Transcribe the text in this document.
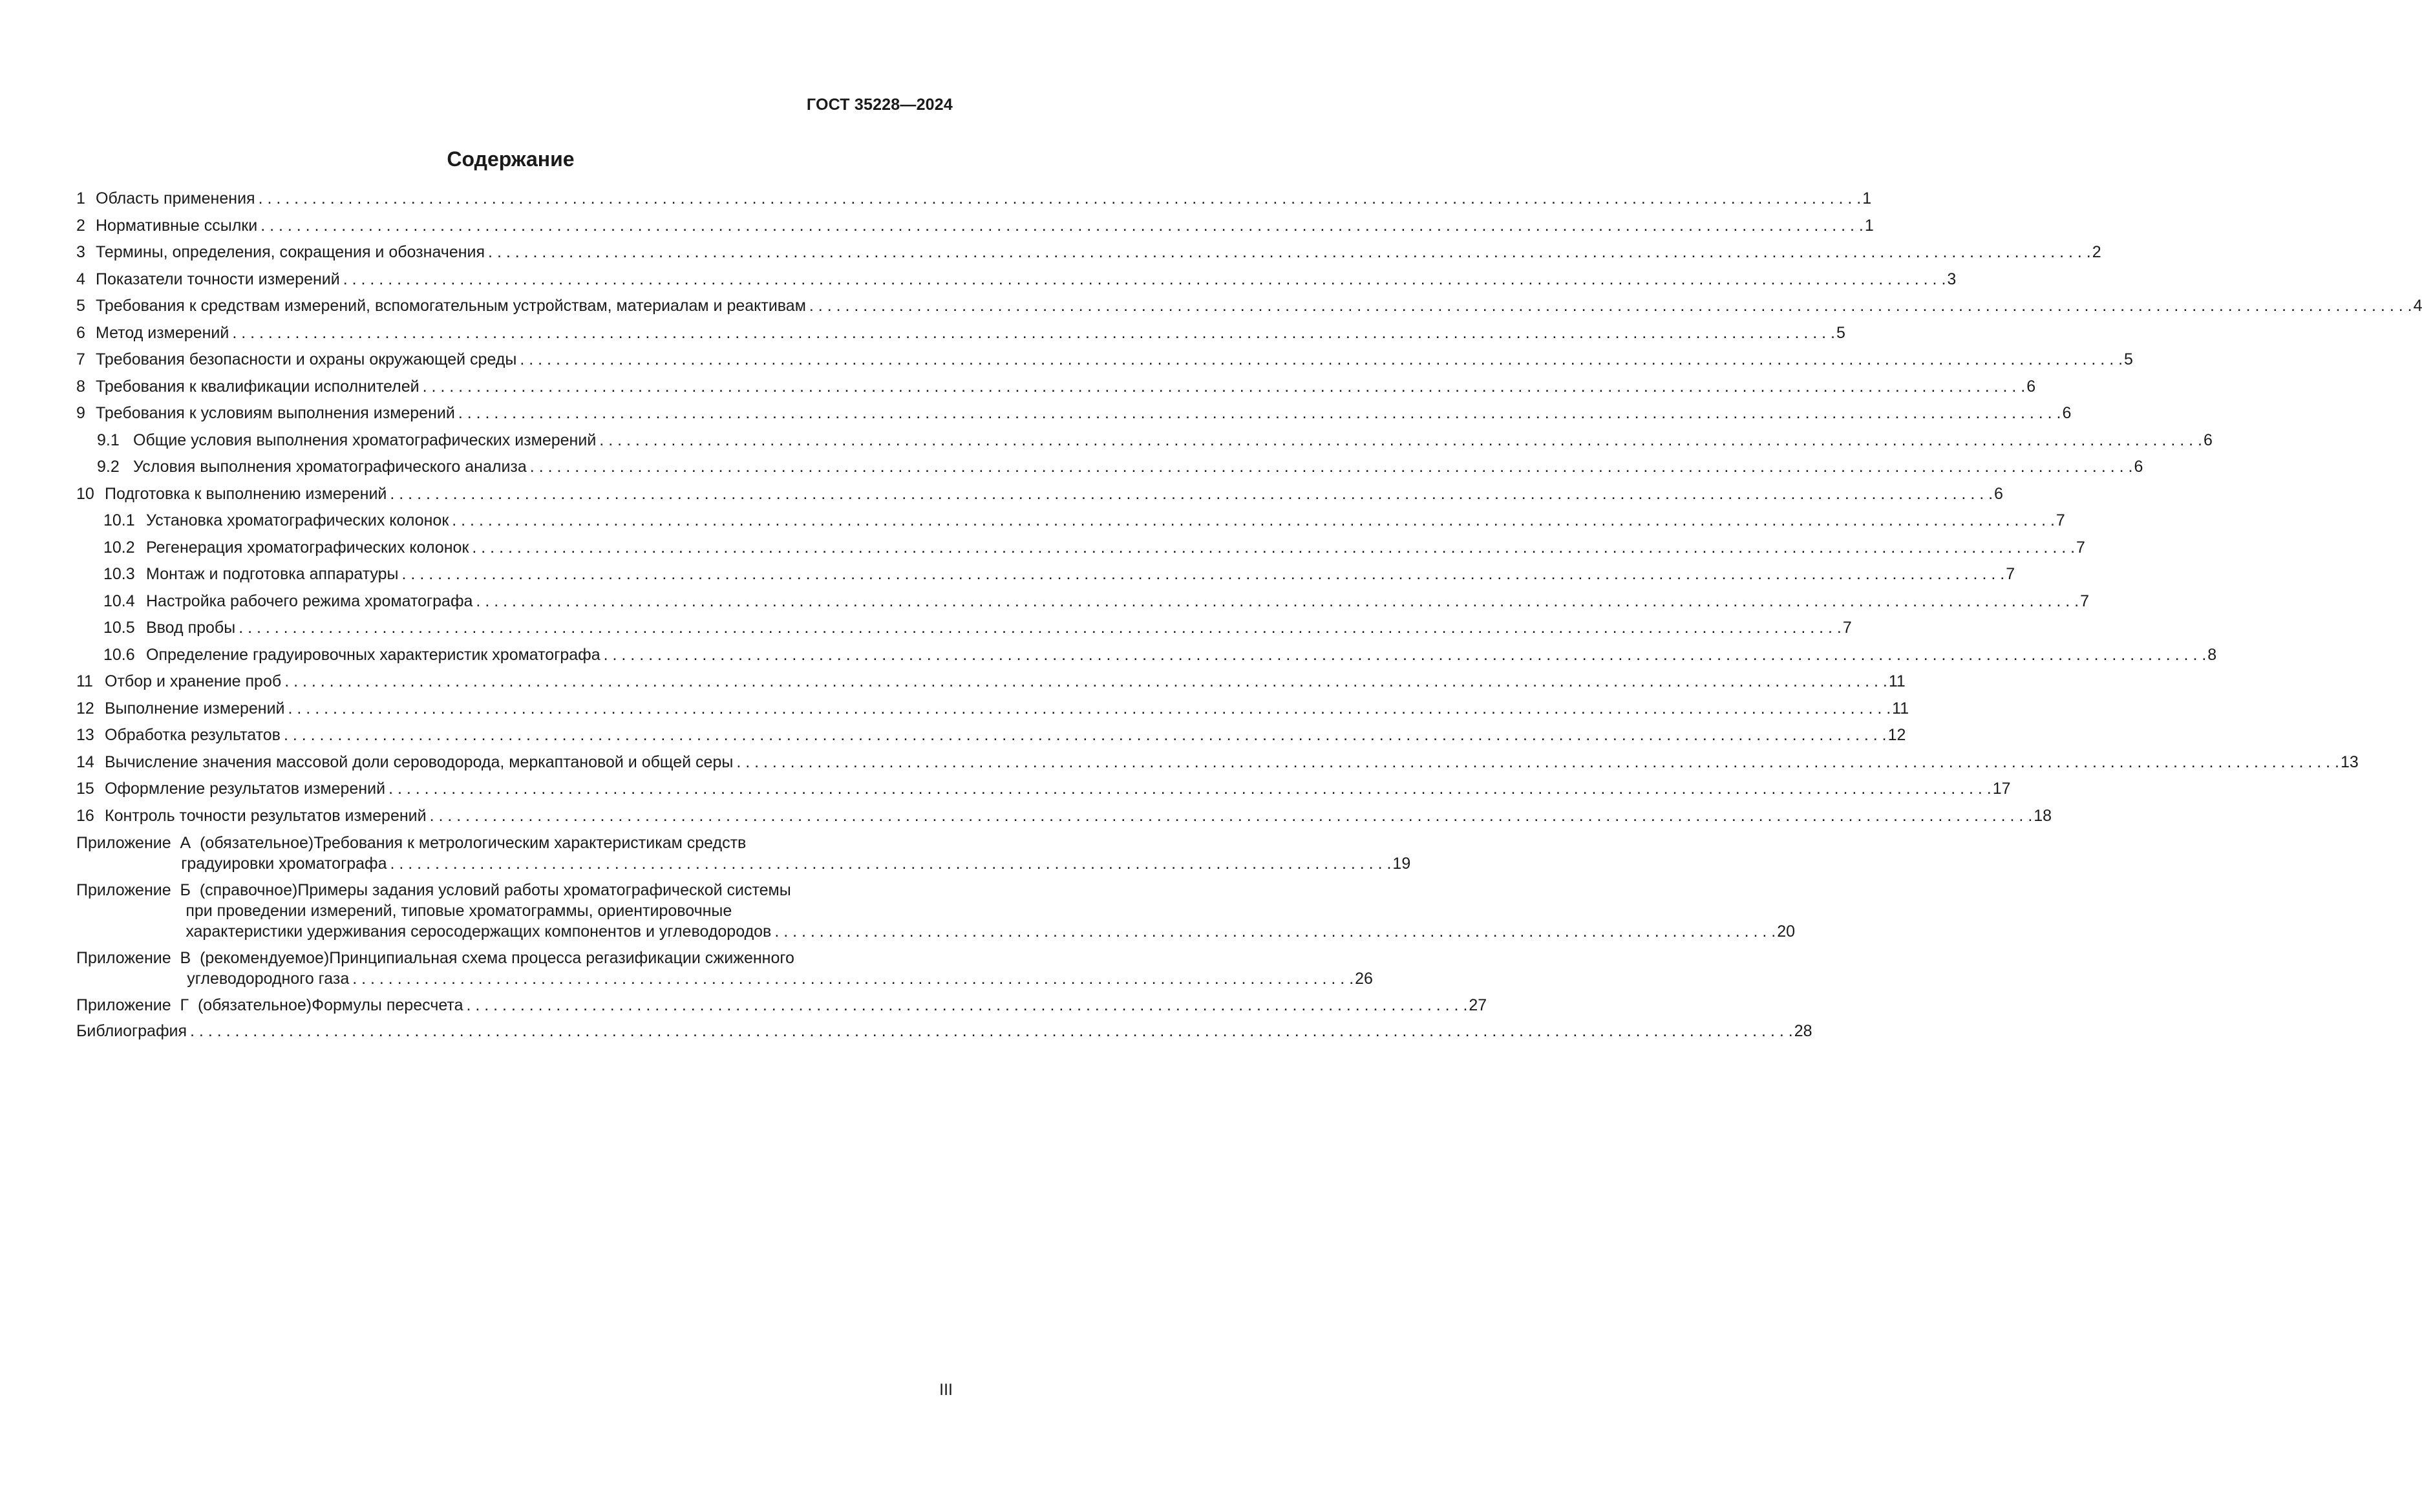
ГОСТ 35228—2024
Содержание
1 Область применения . . .	1
2 Нормативные ссылки . . .	1
3 Термины, определения, сокращения и обозначения . . .	2
4 Показатели точности измерений . . .	3
5 Требования к средствам измерений, вспомогательным устройствам, материалам и реактивам . . .	4
6 Метод измерений . . .	5
7 Требования безопасности и охраны окружающей среды . . .	5
8 Требования к квалификации исполнителей . . .	6
9 Требования к условиям выполнения измерений . . .	6
9.1 Общие условия выполнения хроматографических измерений . . .	6
9.2 Условия выполнения хроматографического анализа . . .	6
10 Подготовка к выполнению измерений . . .	6
10.1 Установка хроматографических колонок . . .	7
10.2 Регенерация хроматографических колонок . . .	7
10.3 Монтаж и подготовка аппаратуры . . .	7
10.4 Настройка рабочего режима хроматографа . . .	7
10.5 Ввод пробы . . .	7
10.6 Определение градуировочных характеристик хроматографа . . .	8
11 Отбор и хранение проб . . .	11
12 Выполнение измерений . . .	11
13 Обработка результатов . . .	12
14 Вычисление значения массовой доли сероводорода, меркаптановой и общей серы . . .	13
15 Оформление результатов измерений . . .	17
16 Контроль точности результатов измерений . . .	18
Приложение  А  (обязательное) Требования к метрологическим характеристикам средств
градуировки хроматографа . . .	19
Приложение  Б  (справочное) Примеры задания условий работы хроматографической системы
при проведении измерений, типовые хроматограммы, ориентировочные
характеристики удерживания серосодержащих компонентов и углеводородов . . .	20
Приложение  В  (рекомендуемое) Принципиальная схема процесса регазификации сжиженного
углеводородного газа . . .	26
Приложение  Г  (обязательное) Формулы пересчета . . .	27
Библиография . . .	28
III
